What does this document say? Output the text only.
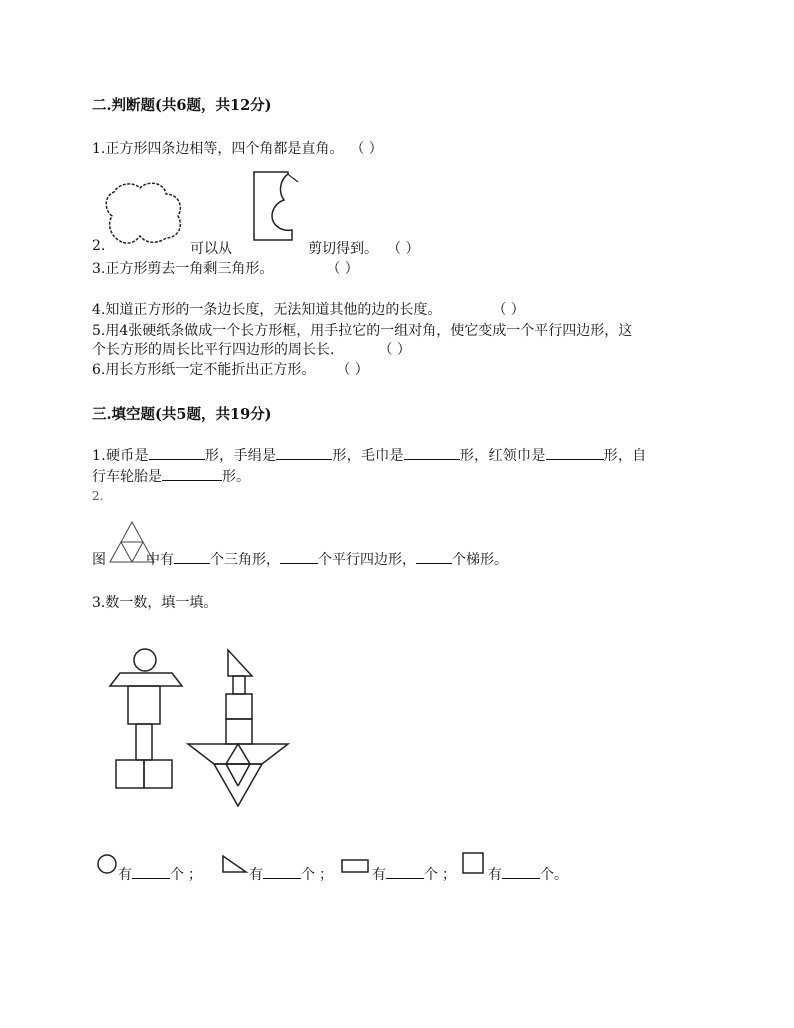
二.判断题(共6题，共12分)
1.正方形四条边相等，四个角都是直角。 （ ）
2.	可以从	剪切得到。 （ ）
3.正方形剪去一角剩三角形。	（ ）
4.知道正方形的一条边长度，无法知道其他的边的长度。	（ ）
5.用4张硬纸条做成一个长方形框，用手拉它的一组对角，使它变成一个平行四边形，这
个长方形的周长比平行四边形的周长长.	（ ）
6.用长方形纸一定不能折出正方形。 （ ）
三.填空题(共5题，共19分)
1.硬币是	形，手绢是	形，毛巾是	形，红领巾是	形，自
行车轮胎是	形。
2.
图	中有	个三角形，	个平行四边形，	个梯形。
3.数一数，填一填。
有	个；	有	个；	有	个； 有	个。
